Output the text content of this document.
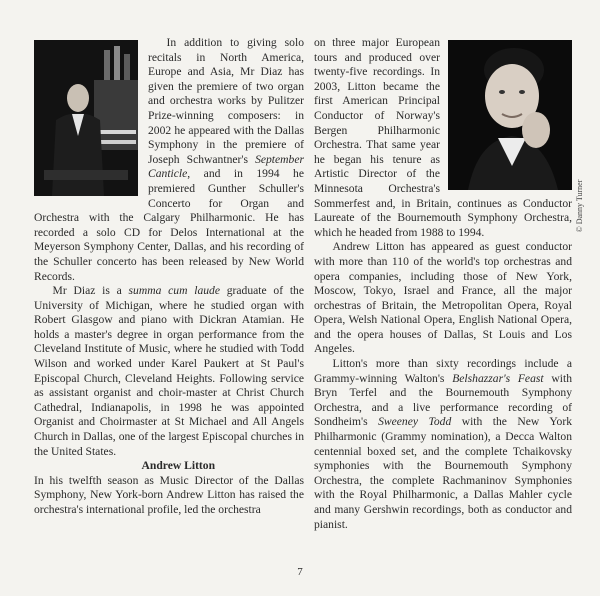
In addition to giving solo recitals in North America, Europe and Asia, Mr Diaz has given the premiere of two organ and orchestra works by Pulitzer Prize-winning composers: in 2002 he appeared with the Dallas Symphony in the premiere of Joseph Schwantner's September Canticle, and in 1994 he premiered Gunther Schuller's Concerto for Organ and Orchestra with the Calgary Philharmonic. He has recorded a solo CD for Delos International at the Meyerson Symphony Center, Dallas, and his recording of the Schuller concerto has been released by New World Records.

Mr Diaz is a summa cum laude graduate of the University of Michigan, where he studied organ with Robert Glasgow and piano with Dickran Atamian. He holds a master's degree in organ performance from the Cleveland Institute of Music, where he studied with Todd Wilson and worked under Karel Paukert at St Paul's Episcopal Church, Cleveland Heights. Following service as assistant organist and choir-master at Christ Church Cathedral, Indianapolis, in 1998 he was appointed Organist and Choirmaster at St Michael and All Angels Church in Dallas, one of the largest Episcopal churches in the United States.

Andrew Litton

In his twelfth season as Music Director of the Dallas Symphony, New York-born Andrew Litton has raised the orchestra's international profile, led the orchestra

© Danny Turner

on three major European tours and produced over twenty-five recordings. In 2003, Litton became the first American Principal Conductor of Norway's Bergen Philharmonic Orchestra. That same year he began his tenure as Artistic Director of the Minnesota Orchestra's Sommerfest and, in Britain, continues as Conductor Laureate of the Bournemouth Symphony Orchestra, which he headed from 1988 to 1994.

Andrew Litton has appeared as guest conductor with more than 110 of the world's top orchestras and opera companies, including those of New York, Moscow, Tokyo, Israel and France, all the major orchestras of Britain, the Metropolitan Opera, Royal Opera, Welsh National Opera, English National Opera, and the opera houses of Dallas, St Louis and Los Angeles.

Litton's more than sixty recordings include a Grammy-winning Walton's Belshazzar's Feast with Bryn Terfel and the Bournemouth Symphony Orchestra, and a live performance recording of Sondheim's Sweeney Todd with the New York Philharmonic (Grammy nomination), a Decca Walton centennial boxed set, and the complete Tchaikovsky symphonies with the Bournemouth Symphony Orchestra, the complete Rachmaninov Symphonies with the Royal Philharmonic, a Dallas Mahler cycle and many Gershwin recordings, both as conductor and pianist.

7
